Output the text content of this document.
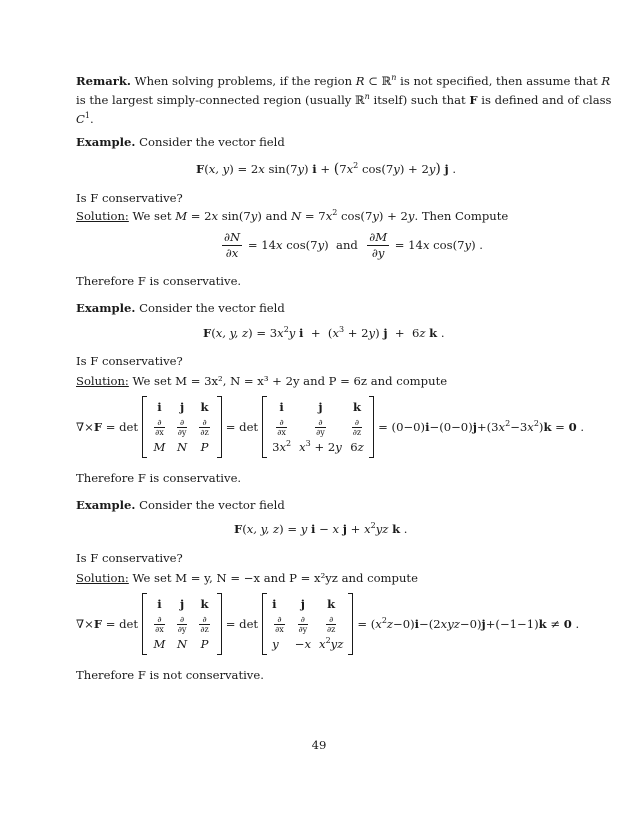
Remark. When solving problems, if the region R ⊂ ℝ$^n$ is not specified, then assume that R
is the largest simply-connected region (usually ℝ$^n$ itself) such that F is defined and of class
$C^1$.
Example. Consider the vector field
F(x, y) = 2x sin(7y) $i + (7x^2$ cos(7y) + 2y) j .
Is F conservative?
Solution: We set M = 2x sin(7y) and $N = 7x^2$ cos(7y) + 2y. Then Compute
$\frac{\partial N}{\partial x} = 14x$ cos(7y)  and $\frac{\partial M}{\partial y} = 14x$ cos(7y) .
Therefore F is conservative.
Example. Consider the vector field
F(x, y, $z) = 3x^2y$ $i + (x^3 + 2y) j + 6z$ k .
Is F conservative?
Solution: We set M = 3x², N = x³ + 2y and P = 6z and compute
∇×F = det
i	j	k

$\frac{\partial}{\partial x}$	$\frac{\partial}{\partial y}$	$\frac{\partial}{\partial z}$

M	N	P
= det
i	j	k

$\frac{\partial}{\partial x}$	$\frac{\partial}{\partial y}$	$\frac{\partial}{\partial z}$

$3x^2$	$x^3 + 2y$	6z
= $(0-0)i-(0-0)j+(3x^2-3x^2)k = 0$ .
Therefore F is conservative.
Example. Consider the vector field
F(x, y, z) = y i − x $j + x^2yz$ k .
Is F conservative?
Solution: We set M = y, N = −x and P = x²yz and compute
∇×F = det
i	j	k

$\frac{\partial}{\partial x}$	$\frac{\partial}{\partial y}$	$\frac{\partial}{\partial z}$

M	N	P
= det
i	j	k

$\frac{\partial}{\partial x}$	$\frac{\partial}{\partial y}$	$\frac{\partial}{\partial z}$

y	−x	$x^2yz$
= $(x^2z-0)i-(2xyz-0)j+(-1-1)k \ne 0$ .
Therefore F is not conservative.
49
